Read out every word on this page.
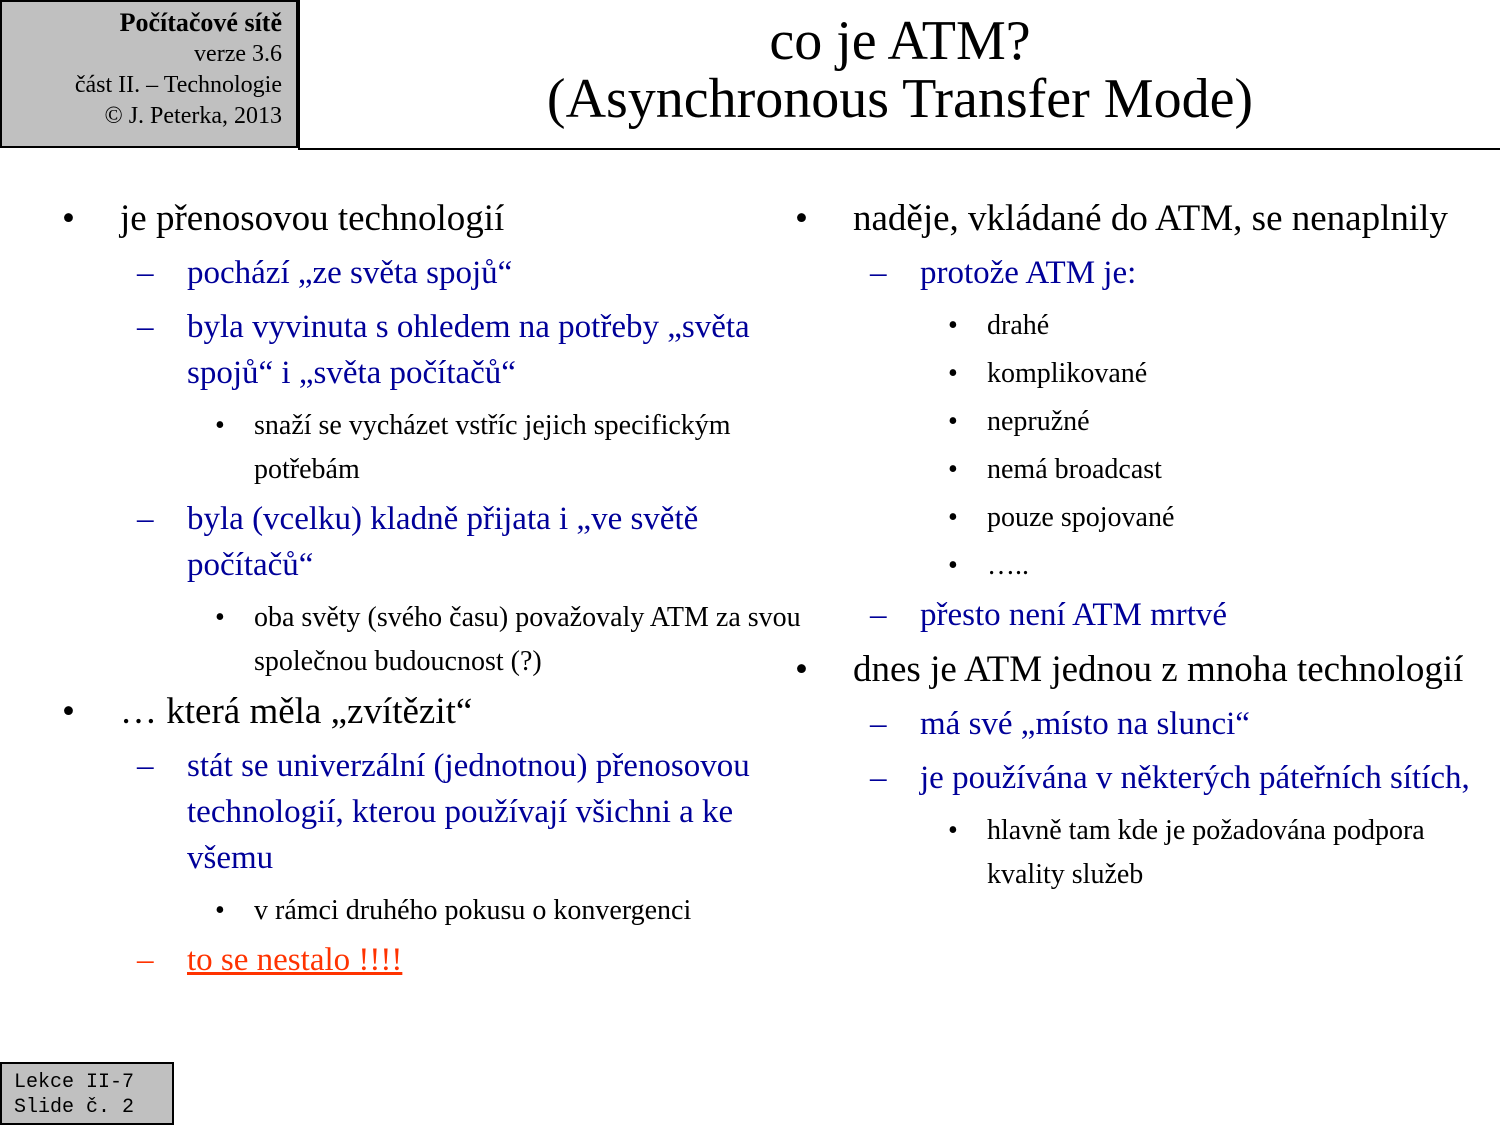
Počítačové sítě
verze 3.6
část II. – Technologie
© J. Peterka, 2013
co je ATM?
(Asynchronous Transfer Mode)
• je přenosovou technologií
– pochází „ze světa spojů“
– byla vyvinuta s ohledem na potřeby „světa spojů“ i „světa počítačů“
• snaží se vycházet vstříc jejich specifickým potřebám
– byla (vcelku) kladně přijata i „ve světě počítačů“
• oba světy (svého času) považovaly ATM za svou společnou budoucnost (?)
• … která měla „zvítězit“
– stát se univerzální (jednotnou) přenosovou technologií, kterou používají všichni a ke všemu
• v rámci druhého pokusu o konvergenci
– to se nestalo !!!!
• naděje, vkládané do ATM, se nenaplnily
– protože ATM je:
• drahé
• komplikované
• nepružné
• nemá broadcast
• pouze spojované
• …..
– přesto není ATM mrtvé
• dnes je ATM jednou z mnoha technologií
– má své „místo na slunci“
– je používána v některých páteřních sítích,
• hlavně tam kde je požadována podpora kvality služeb
Lekce II-7
Slide č. 2
